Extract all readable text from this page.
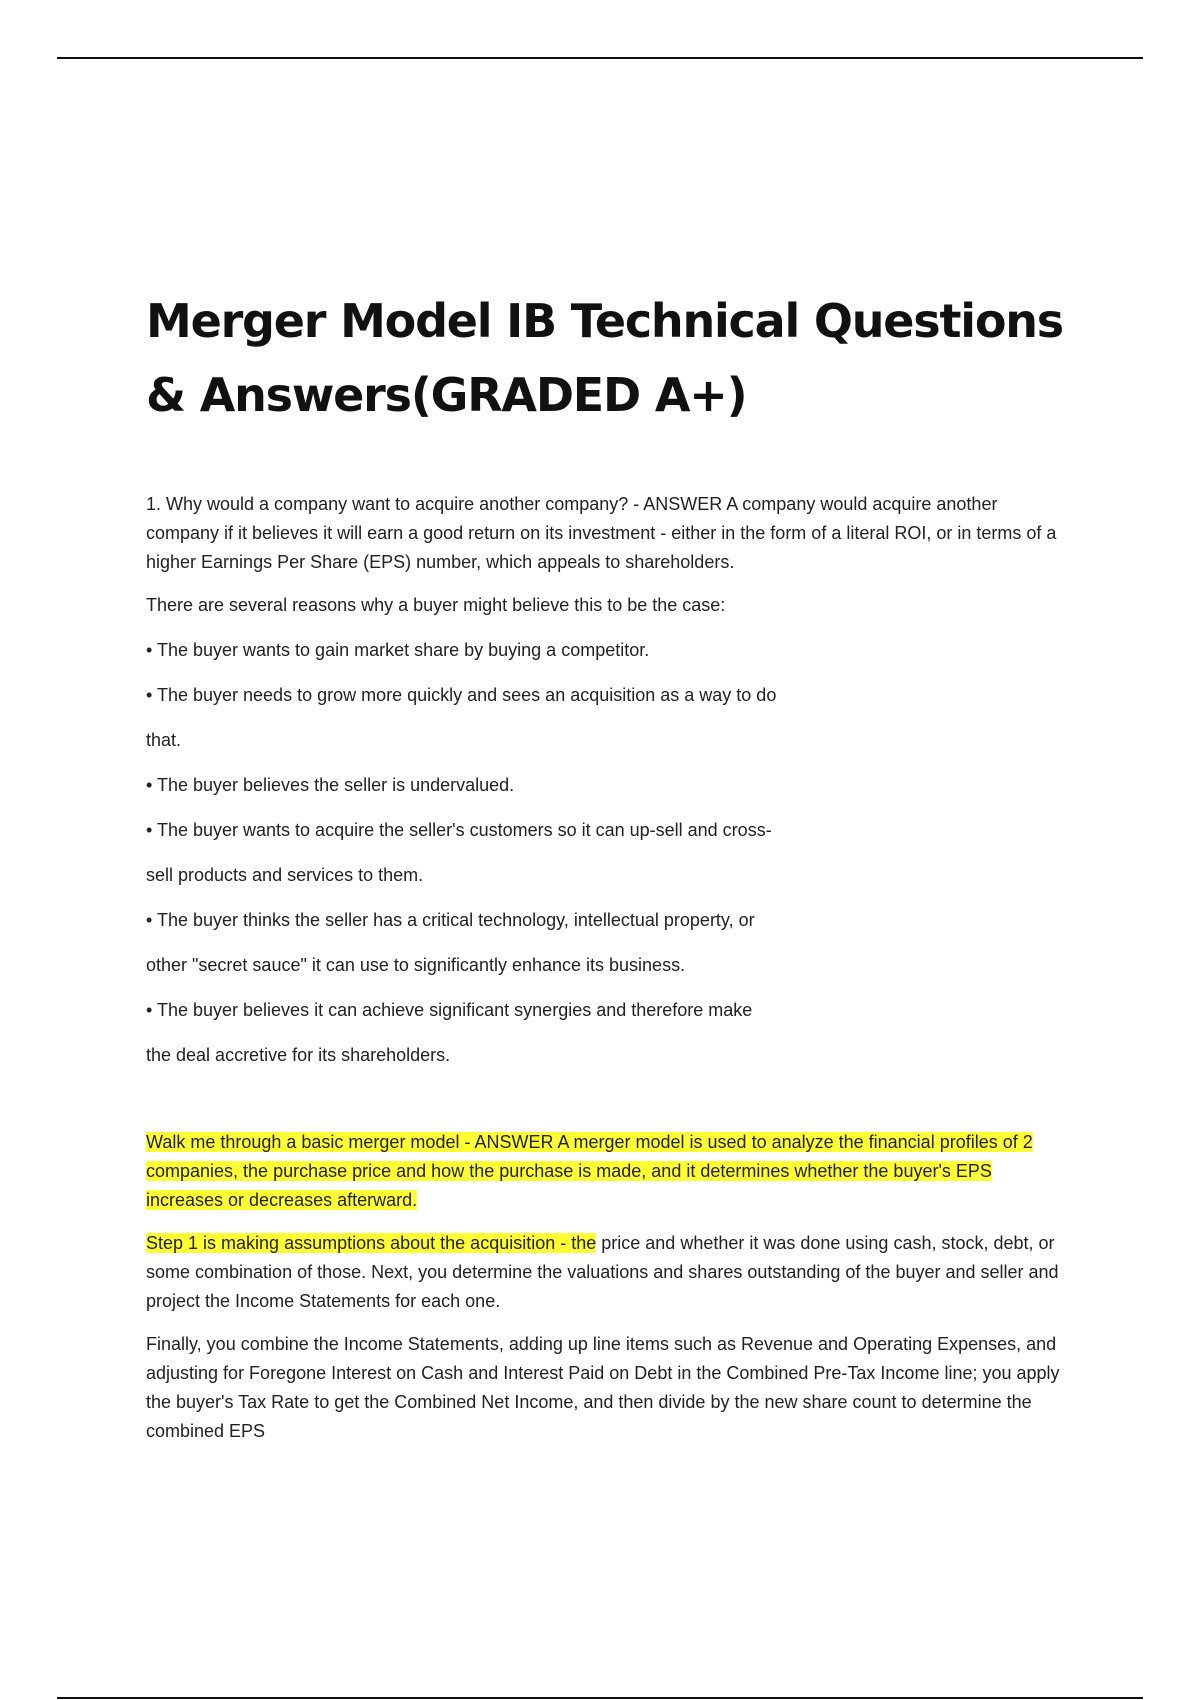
Merger Model IB Technical Questions
& Answers(GRADED A+)

1. Why would a company want to acquire another company? - ANSWER A company would acquire another company if it believes it will earn a good return on its investment - either in the form of a literal ROI, or in terms of a higher Earnings Per Share (EPS) number, which appeals to shareholders.

There are several reasons why a buyer might believe this to be the case:

• The buyer wants to gain market share by buying a competitor.

• The buyer needs to grow more quickly and sees an acquisition as a way to do

that.

• The buyer believes the seller is undervalued.

• The buyer wants to acquire the seller's customers so it can up-sell and cross-

sell products and services to them.

• The buyer thinks the seller has a critical technology, intellectual property, or

other "secret sauce" it can use to significantly enhance its business.

• The buyer believes it can achieve significant synergies and therefore make

the deal accretive for its shareholders.

Walk me through a basic merger model - ANSWER A merger model is used to analyze the financial profiles of 2 companies, the purchase price and how the purchase is made, and it determines whether the buyer's EPS increases or decreases afterward.

Step 1 is making assumptions about the acquisition - the price and whether it was done using cash, stock, debt, or some combination of those. Next, you determine the valuations and shares outstanding of the buyer and seller and project the Income Statements for each one.

Finally, you combine the Income Statements, adding up line items such as Revenue and Operating Expenses, and adjusting for Foregone Interest on Cash and Interest Paid on Debt in the Combined Pre-Tax Income line; you apply the buyer's Tax Rate to get the Combined Net Income, and then divide by the new share count to determine the combined EPS
